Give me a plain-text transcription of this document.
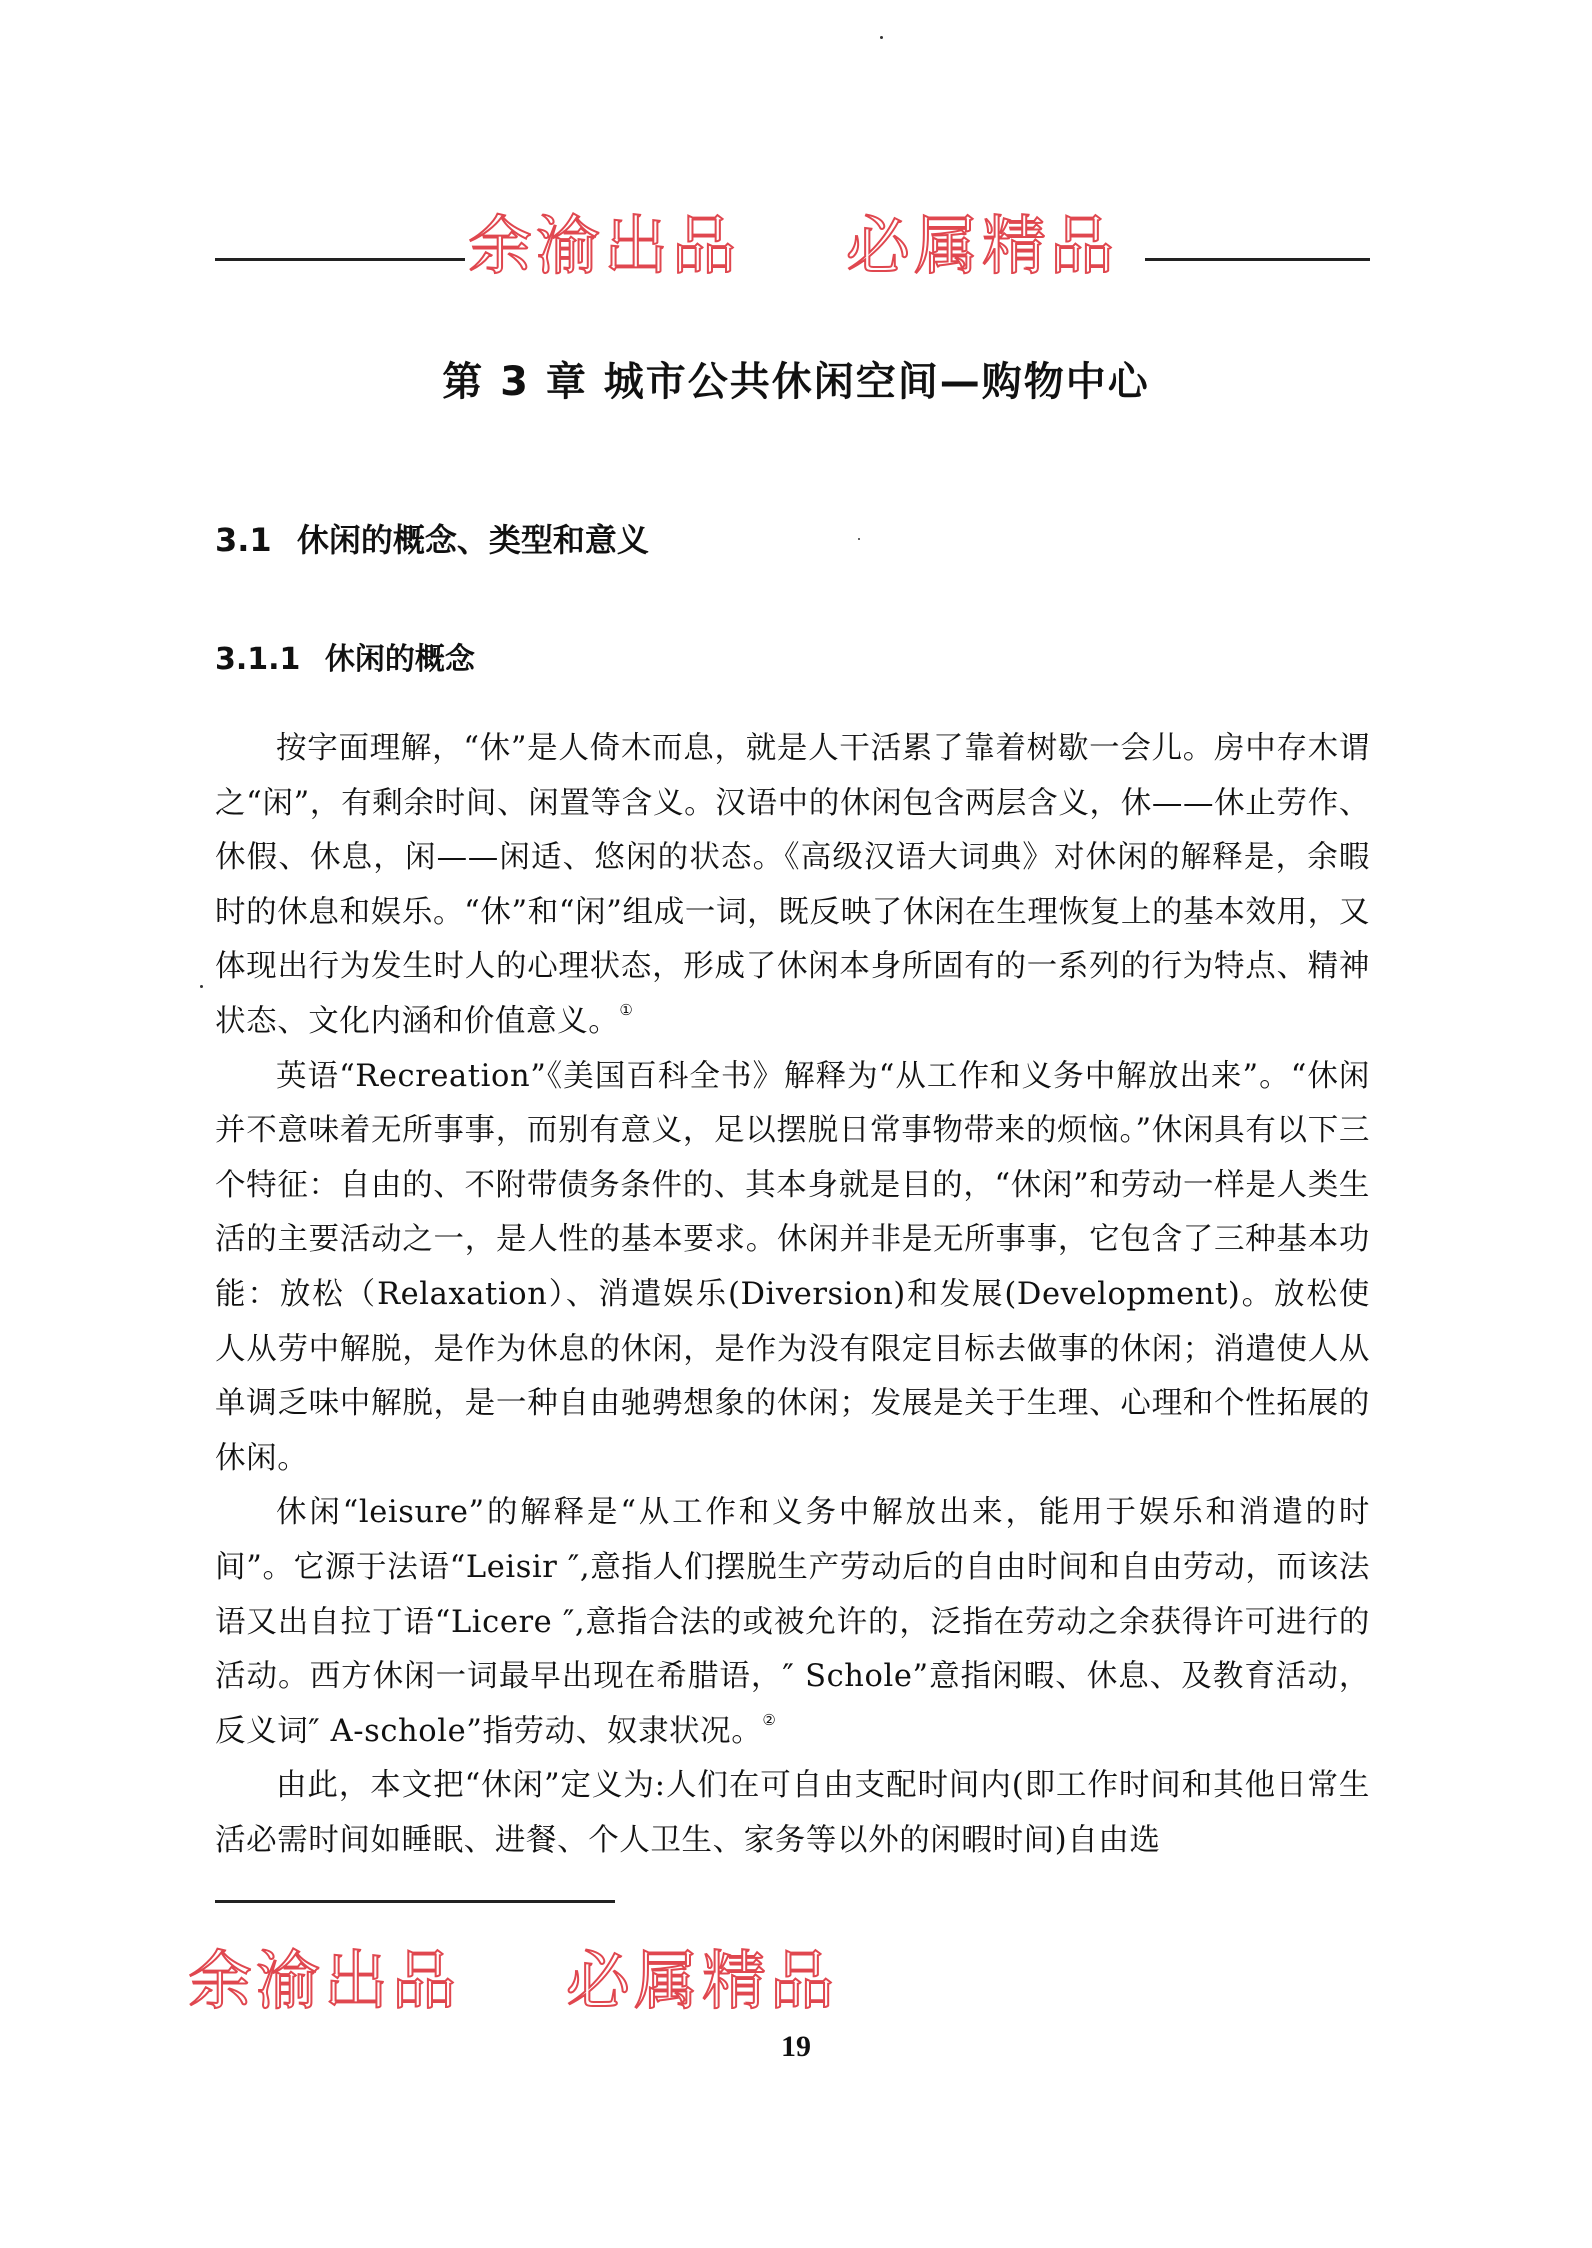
余渝出品 必属精品
第 3 章 城市公共休闲空间—购物中心
3.1 休闲的概念、类型和意义
3.1.1 休闲的概念

按字面理解，“休”是人倚木而息，就是人干活累了靠着树歇一会儿。房中存木谓之“闲”，有剩余时间、闲置等含义。汉语中的休闲包含两层含义，休——休止劳作、休假、休息，闲——闲适、悠闲的状态。《高级汉语大词典》对休闲的解释是，余暇时的休息和娱乐。“休”和“闲”组成一词，既反映了休闲在生理恢复上的基本效用，又体现出行为发生时人的心理状态，形成了休闲本身所固有的一系列的行为特点、精神状态、文化内涵和价值意义。①

英语“Recreation”《美国百科全书》解释为“从工作和义务中解放出来”。“休闲并不意味着无所事事，而别有意义，足以摆脱日常事物带来的烦恼。”休闲具有以下三个特征：自由的、不附带债务条件的、其本身就是目的，“休闲”和劳动一样是人类生活的主要活动之一，是人性的基本要求。休闲并非是无所事事，它包含了三种基本功能：放松（Relaxation）、消遣娱乐(Diversion)和发展(Development)。放松使人从劳中解脱，是作为休息的休闲，是作为没有限定目标去做事的休闲；消遣使人从单调乏味中解脱，是一种自由驰骋想象的休闲；发展是关于生理、心理和个性拓展的休闲。

休闲“leisure”的解释是“从工作和义务中解放出来，能用于娱乐和消遣的时间”。它源于法语“Leisir ″,意指人们摆脱生产劳动后的自由时间和自由劳动，而该法语又出自拉丁语“Licere ″,意指合法的或被允许的，泛指在劳动之余获得许可进行的活动。西方休闲一词最早出现在希腊语，″ Schole”意指闲暇、休息、及教育活动，反义词″ A-schole”指劳动、奴隶状况。②

由此，本文把“休闲”定义为:人们在可自由支配时间内(即工作时间和其他日常生活必需时间如睡眠、进餐、个人卫生、家务等以外的闲暇时间)自由选

余渝出品 必属精品
19
